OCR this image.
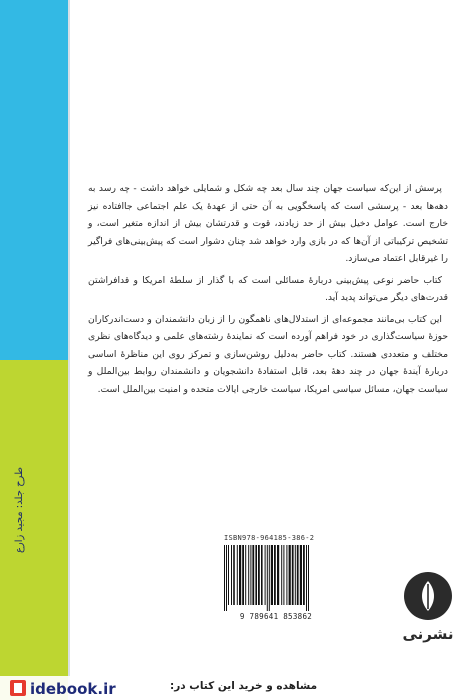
طرح جلد: مجید زارع

پرسش از این‌که سیاست جهان چند سال بعد چه شکل و شمایلی خواهد داشت - چه رسد به دهه‌ها بعد - پرسشی است که پاسخگویی به آن حتی از عهدهٔ یک علم اجتماعی جاافتاده نیز خارج است. عوامل دخیل بیش از حد زیادند، قوت و قدرتشان بیش از اندازه متغیر است، و تشخیص ترکیباتی از آن‌ها که در بازی وارد خواهد شد چنان دشوار است که پیش‌بینی‌های فراگیر را غیرقابل اعتماد می‌سازد.

کتاب حاضر نوعی پیش‌بینی دربارهٔ مسائلی است که با گذار از سلطهٔ امریکا و قدافراشتن قدرت‌های دیگر می‌تواند پدید آید.

این کتاب بی‌مانند مجموعه‌ای از استدلال‌های ناهمگون را از زبان دانشمندان و دست‌اندرکاران حوزهٔ سیاست‌گذاری در خود فراهم آورده است که نمایندهٔ رشته‌های علمی و دیدگاه‌های نظری مختلف و متعددی هستند. کتاب حاضر به‌دلیل روشن‌سازی و تمرکز روی این مناظرهٔ اساسی دربارهٔ آیندهٔ جهان در چند دههٔ بعد، قابل استفادهٔ دانشجویان و دانشمندان روابط بین‌الملل و سیاست جهان، مسائل سیاسی امریکا، سیاست خارجی ایالات متحده و امنیت بین‌الملل است.

ISBN978-964185-386-2
9 789641 853862
نشرنی
idebook.ir	مشاهده و خرید این کتاب در:
